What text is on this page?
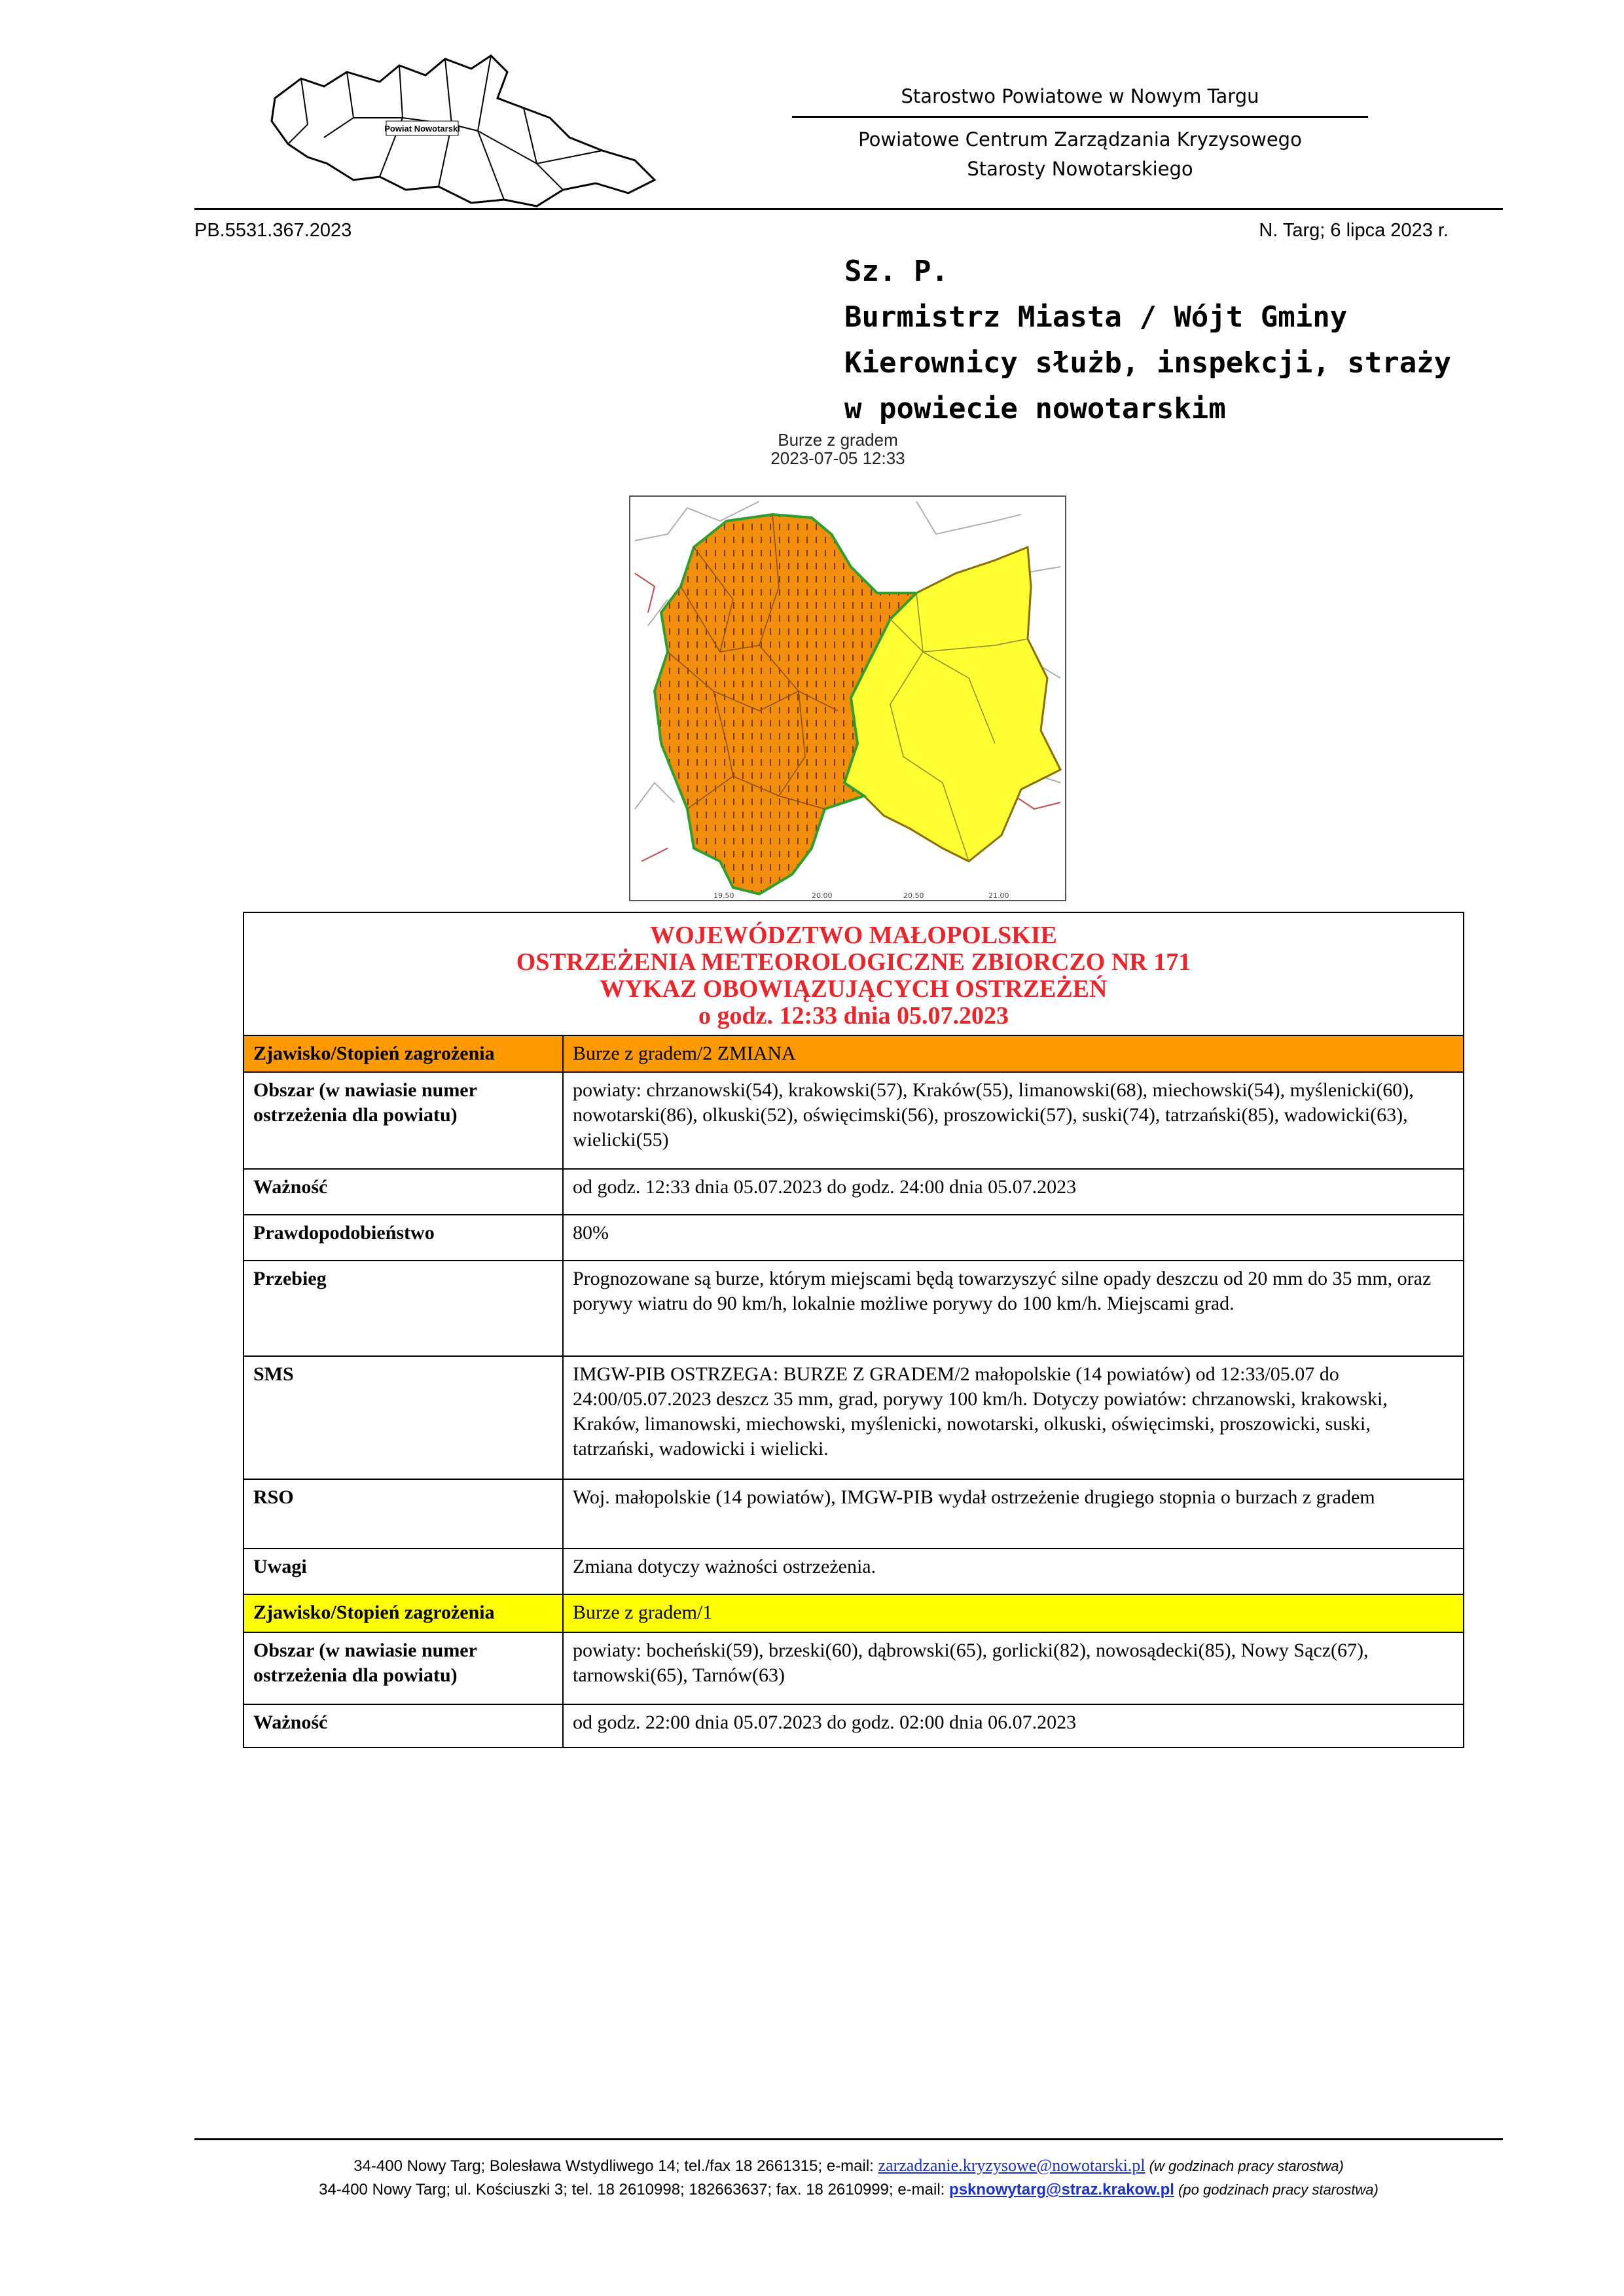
Powiat Nowotarski
Starostwo Powiatowe w Nowym Targu
Powiatowe Centrum Zarządzania Kryzysowego
Starosty Nowotarskiego
PB.5531.367.2023	N. Targ; 6 lipca 2023 r.
Sz. P.
Burmistrz Miasta / Wójt Gminy
Kierownicy służb, inspekcji, straży
w powiecie nowotarskim
Burze z gradem
2023-07-05 12:33
19.50	20.00	20.50	21.00
WOJEWÓDZTWO MAŁOPOLSKIE
OSTRZEŻENIA METEOROLOGICZNE ZBIORCZO NR 171
WYKAZ OBOWIĄZUJĄCYCH OSTRZEŻEŃ
o godz. 12:33 dnia 05.07.2023
Zjawisko/Stopień zagrożenia	Burze z gradem/2 ZMIANA
Obszar (w nawiasie numer ostrzeżenia dla powiatu)	powiaty: chrzanowski(54), krakowski(57), Kraków(55), limanowski(68), miechowski(54), myślenicki(60), nowotarski(86), olkuski(52), oświęcimski(56), proszowicki(57), suski(74), tatrzański(85), wadowicki(63), wielicki(55)
Ważność	od godz. 12:33 dnia 05.07.2023 do godz. 24:00 dnia 05.07.2023
Prawdopodobieństwo	80%
Przebieg	Prognozowane są burze, którym miejscami będą towarzyszyć silne opady deszczu od 20 mm do 35 mm, oraz porywy wiatru do 90 km/h, lokalnie możliwe porywy do 100 km/h. Miejscami grad.
SMS	IMGW-PIB OSTRZEGA: BURZE Z GRADEM/2 małopolskie (14 powiatów) od 12:33/05.07 do 24:00/05.07.2023 deszcz 35 mm, grad, porywy 100 km/h. Dotyczy powiatów: chrzanowski, krakowski, Kraków, limanowski, miechowski, myślenicki, nowotarski, olkuski, oświęcimski, proszowicki, suski, tatrzański, wadowicki i wielicki.
RSO	Woj. małopolskie (14 powiatów), IMGW-PIB wydał ostrzeżenie drugiego stopnia o burzach z gradem
Uwagi	Zmiana dotyczy ważności ostrzeżenia.
Zjawisko/Stopień zagrożenia	Burze z gradem/1
Obszar (w nawiasie numer ostrzeżenia dla powiatu)	powiaty: bocheński(59), brzeski(60), dąbrowski(65), gorlicki(82), nowosądecki(85), Nowy Sącz(67), tarnowski(65), Tarnów(63)
Ważność	od godz. 22:00 dnia 05.07.2023 do godz. 02:00 dnia 06.07.2023
34-400 Nowy Targ; Bolesława Wstydliwego 14; tel./fax 18 2661315; e-mail: zarzadzanie.kryzysowe@nowotarski.pl (w godzinach pracy starostwa)
34-400 Nowy Targ; ul. Kościuszki 3; tel. 18 2610998; 182663637; fax. 18 2610999; e-mail: psknowytarg@straz.krakow.pl (po godzinach pracy starostwa)
